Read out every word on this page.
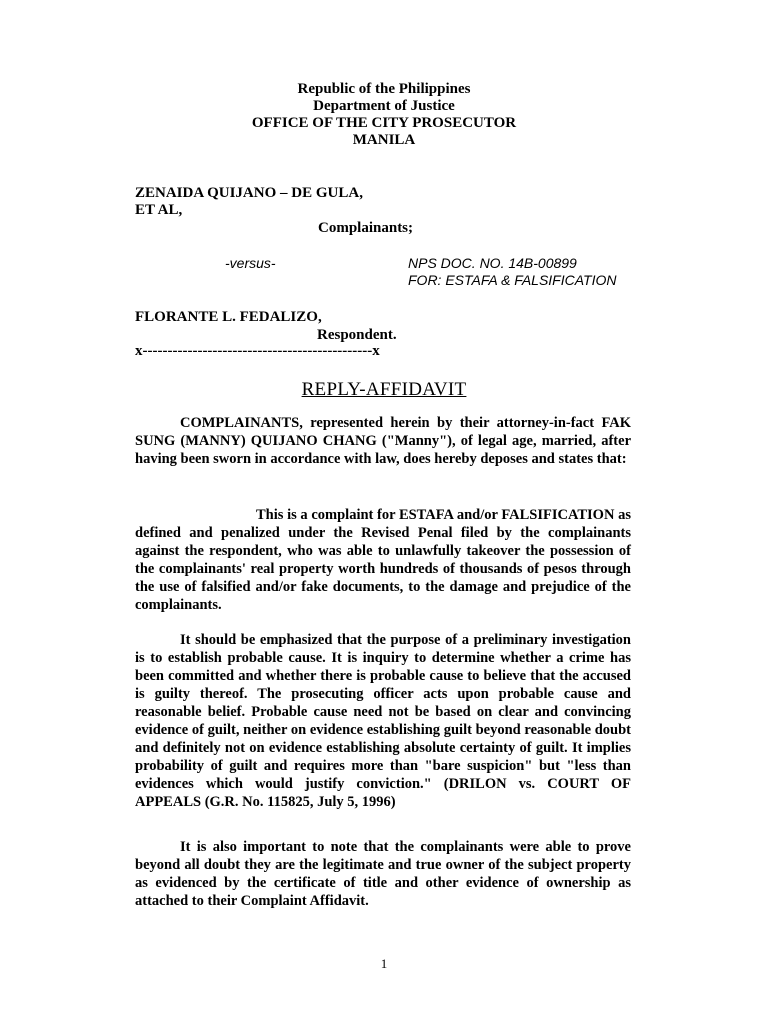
Republic of the Philippines
Department of Justice
OFFICE OF THE CITY PROSECUTOR
MANILA
ZENAIDA QUIJANO – DE GULA,
ET AL,
Complainants;
-versus-	NPS DOC. NO. 14B-00899
FOR: ESTAFA & FALSIFICATION
FLORANTE L. FEDALIZO,
Respondent.
x----------------------------------------------x
REPLY-AFFIDAVIT
COMPLAINANTS, represented herein by their attorney-in-fact FAK SUNG (MANNY) QUIJANO CHANG ("Manny"), of legal age, married, after having been sworn in accordance with law, does hereby deposes and states that:
This is a complaint for ESTAFA and/or FALSIFICATION as defined and penalized under the Revised Penal filed by the complainants against the respondent, who was able to unlawfully takeover the possession of the complainants' real property worth hundreds of thousands of pesos through the use of falsified and/or fake documents, to the damage and prejudice of the complainants.
It should be emphasized that the purpose of a preliminary investigation is to establish probable cause. It is inquiry to determine whether a crime has been committed and whether there is probable cause to believe that the accused is guilty thereof. The prosecuting officer acts upon probable cause and reasonable belief. Probable cause need not be based on clear and convincing evidence of guilt, neither on evidence establishing guilt beyond reasonable doubt and definitely not on evidence establishing absolute certainty of guilt. It implies probability of guilt and requires more than "bare suspicion" but "less than evidences which would justify conviction." (DRILON vs. COURT OF APPEALS (G.R. No. 115825, July 5, 1996)
It is also important to note that the complainants were able to prove beyond all doubt they are the legitimate and true owner of the subject property as evidenced by the certificate of title and other evidence of ownership as attached to their Complaint Affidavit.
1
